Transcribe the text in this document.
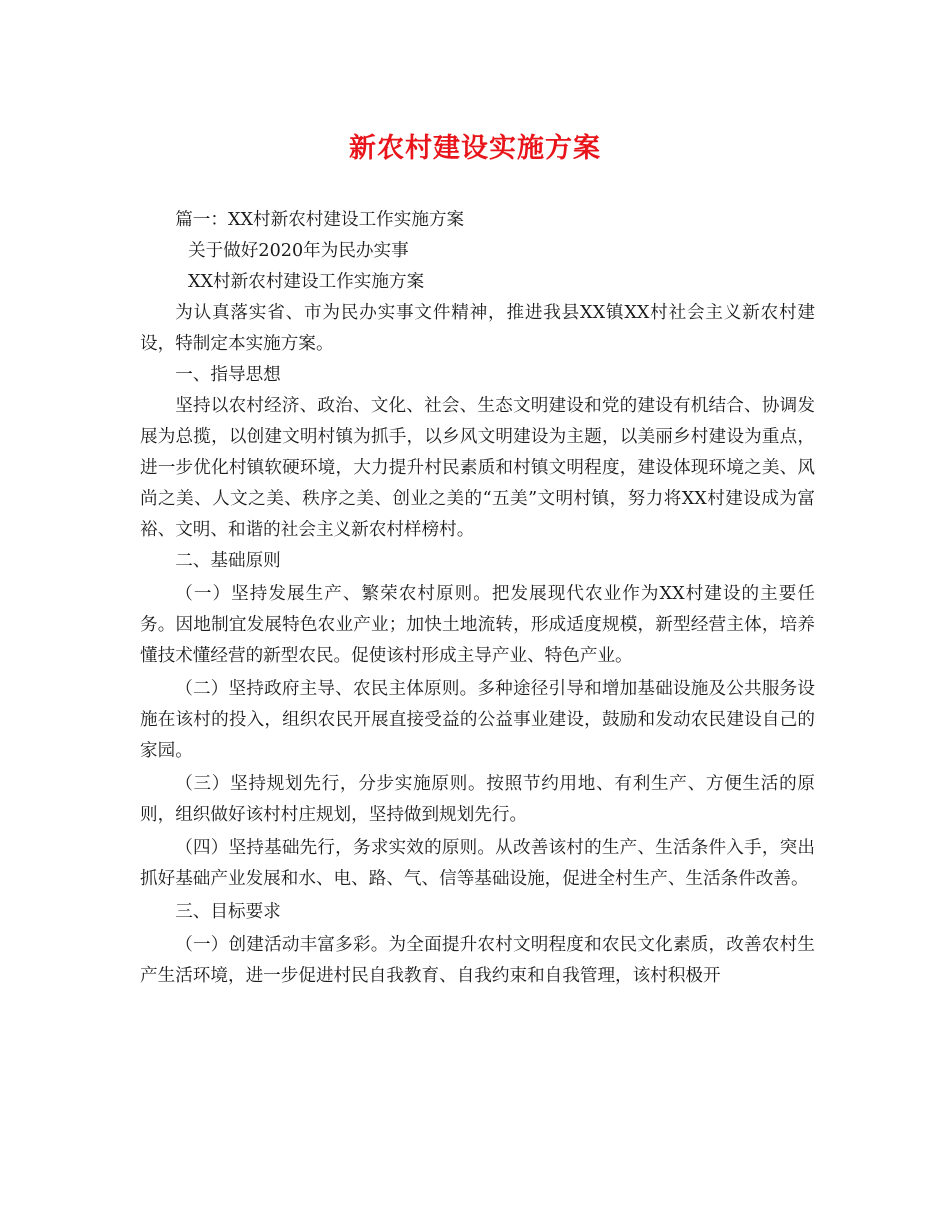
新农村建设实施方案

篇一：XX村新农村建设工作实施方案

关于做好2020年为民办实事

XX村新农村建设工作实施方案

为认真落实省、市为民办实事文件精神，推进我县XX镇XX村社会主义新农村建设，特制定本实施方案。

一、指导思想

坚持以农村经济、政治、文化、社会、生态文明建设和党的建设有机结合、协调发展为总揽，以创建文明村镇为抓手，以乡风文明建设为主题，以美丽乡村建设为重点，进一步优化村镇软硬环境，大力提升村民素质和村镇文明程度，建设体现环境之美、风尚之美、人文之美、秩序之美、创业之美的“五美”文明村镇，努力将XX村建设成为富裕、文明、和谐的社会主义新农村样榜村。

二、基础原则

（一）坚持发展生产、繁荣农村原则。把发展现代农业作为XX村建设的主要任务。因地制宜发展特色农业产业；加快土地流转，形成适度规模，新型经营主体，培养懂技术懂经营的新型农民。促使该村形成主导产业、特色产业。

（二）坚持政府主导、农民主体原则。多种途径引导和增加基础设施及公共服务设施在该村的投入，组织农民开展直接受益的公益事业建设，鼓励和发动农民建设自己的家园。

（三）坚持规划先行，分步实施原则。按照节约用地、有利生产、方便生活的原则，组织做好该村村庄规划，坚持做到规划先行。

（四）坚持基础先行，务求实效的原则。从改善该村的生产、生活条件入手，突出抓好基础产业发展和水、电、路、气、信等基础设施，促进全村生产、生活条件改善。

三、目标要求

（一）创建活动丰富多彩。为全面提升农村文明程度和农民文化素质，改善农村生产生活环境，进一步促进村民自我教育、自我约束和自我管理，该村积极开
